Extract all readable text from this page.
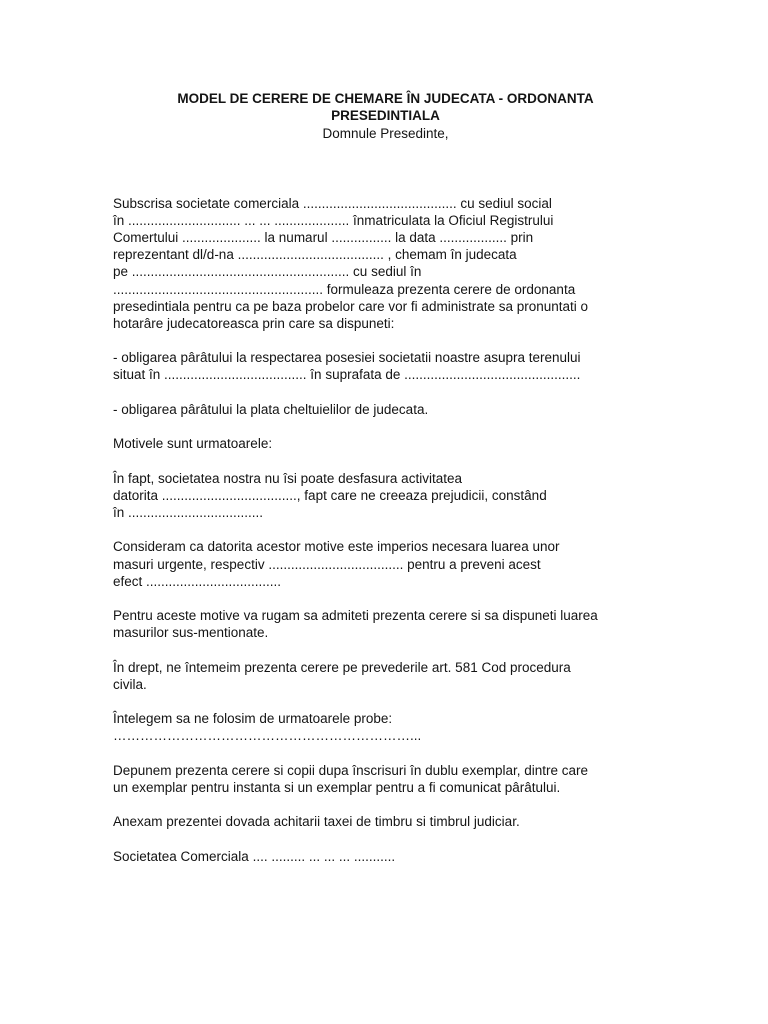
MODEL DE CERERE DE CHEMARE ÎN JUDECATA - ORDONANTA
PRESEDINTIALA

Domnule Presedinte,

Subscrisa societate comerciala ......................................... cu sediul social
în .............................. ... ... .................... înmatriculata la Oficiul Registrului
Comertului ..................... la numarul ................ la data .................. prin
reprezentant dl/d-na ....................................... , chemam în judecata
pe .......................................................... cu sediul în
........................................................ formuleaza prezenta cerere de ordonanta
presedintiala pentru ca pe baza probelor care vor fi administrate sa pronuntati o
hotarâre judecatoreasca prin care sa dispuneti:
- obligarea pârâtului la respectarea posesiei societatii noastre asupra terenului
situat în ...................................... în suprafata de ...............................................
- obligarea pârâtului la plata cheltuielilor de judecata.
Motivele sunt urmatoarele:
În fapt, societatea nostra nu îsi poate desfasura activitatea
datorita ...................................., fapt care ne creeaza prejudicii, constând
în ....................................
Consideram ca datorita acestor motive este imperios necesara luarea unor
masuri urgente, respectiv .................................... pentru a preveni acest
efect ....................................
Pentru aceste motive va rugam sa admiteti prezenta cerere si sa dispuneti luarea
masurilor sus-mentionate.
În drept, ne întemeim prezenta cerere pe prevederile art. 581 Cod procedura
civila.
Întelegem sa ne folosim de urmatoarele probe:
…………………………………………………………...
Depunem prezenta cerere si copii dupa înscrisuri în dublu exemplar, dintre care
un exemplar pentru instanta si un exemplar pentru a fi comunicat pârâtului.
Anexam prezentei dovada achitarii taxei de timbru si timbrul judiciar.
Societatea Comerciala .... ......... ... ... ... ...........
